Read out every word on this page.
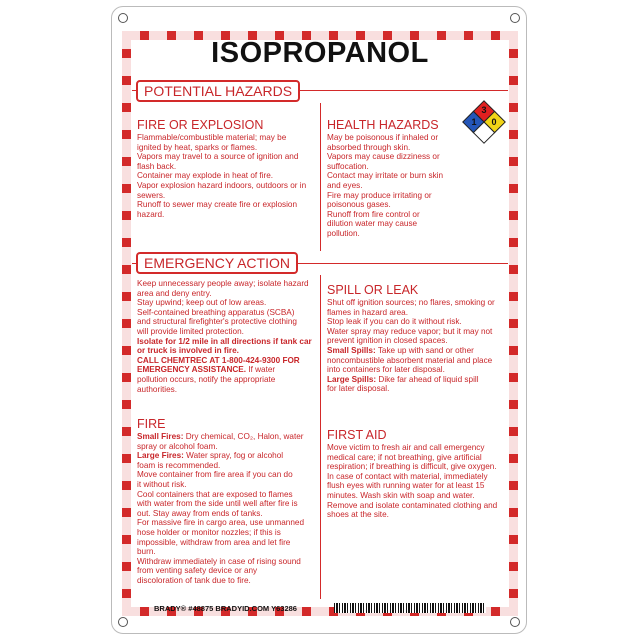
ISOPROPANOL
POTENTIAL HAZARDS
FIRE OR EXPLOSION
Flammable/combustible material; may be
ignited by heat, sparks or flames.
Vapors may travel to a source of ignition and
flash back.
Container may explode in heat of fire.
Vapor explosion hazard indoors, outdoors or in
sewers.
Runoff to sewer may create fire or explosion
hazard.
HEALTH HAZARDS
May be poisonous if inhaled or
absorbed through skin.
Vapors may cause dizziness or
suffocation.
Contact may irritate or burn skin
and eyes.
Fire may produce irritating or
poisonous gases.
Runoff from fire control or
dilution water may cause
pollution.
3
1 0
EMERGENCY ACTION
Keep unnecessary people away; isolate hazard
area and deny entry.
Stay upwind; keep out of low areas.
Self-contained breathing apparatus (SCBA)
and structural firefighter's protective clothing
will provide limited protection.
Isolate for 1/2 mile in all directions if tank car
or truck is involved in fire.
CALL CHEMTREC AT 1-800-424-9300 FOR
EMERGENCY ASSISTANCE. If water
pollution occurs, notify the appropriate
authorities.
SPILL OR LEAK
Shut off ignition sources; no flares, smoking or
flames in hazard area.
Stop leak if you can do it without risk.
Water spray may reduce vapor; but it may not
prevent ignition in closed spaces.
Small Spills: Take up with sand or other
noncombustible absorbent material and place
into containers for later disposal.
Large Spills: Dike far ahead of liquid spill
for later disposal.
FIRE
Small Fires: Dry chemical, CO₂, Halon, water
spray or alcohol foam.
Large Fires: Water spray, fog or alcohol
foam is recommended.
Move container from fire area if you can do
it without risk.
Cool containers that are exposed to flames
with water from the side until well after fire is
out. Stay away from ends of tanks.
For massive fire in cargo area, use unmanned
hose holder or monitor nozzles; if this is
impossible, withdraw from area and let fire
burn.
Withdraw immediately in case of rising sound
from venting safety device or any
discoloration of tank due to fire.
FIRST AID
Move victim to fresh air and call emergency
medical care; if not breathing, give artificial
respiration; if breathing is difficult, give oxygen.
In case of contact with material, immediately
flush eyes with running water for at least 15
minutes. Wash skin with soap and water.
Remove and isolate contaminated clothing and
shoes at the site.
BRADY® #48875 BRADYID.COM Y63286
